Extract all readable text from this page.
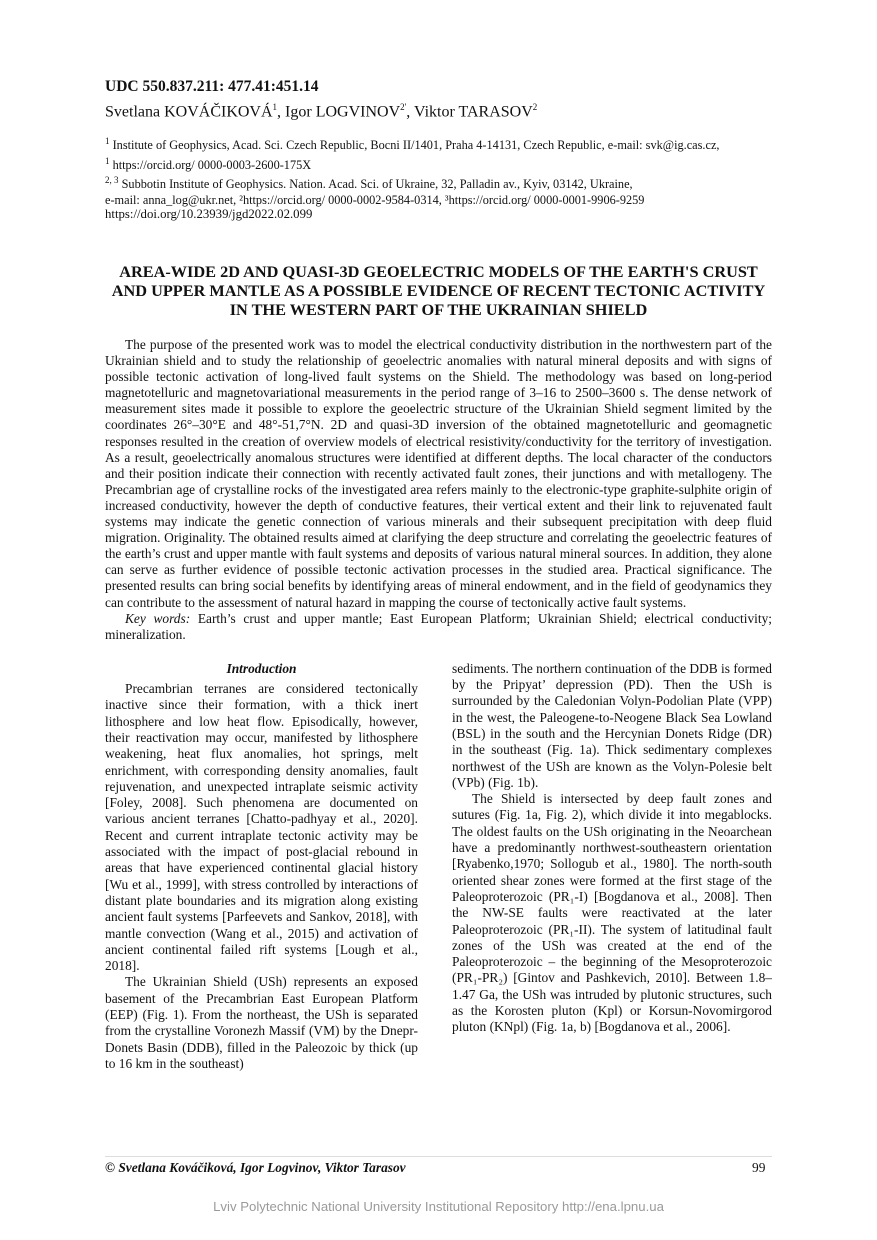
UDC 550.837.211: 477.41:451.14
Svetlana KOVÁČIKOVÁ$^1$, Igor $LOGVINOV^{2'}$, Viktor TARASOV$^2$
$^1$ Institute of Geophysics, Acad. Sci. Czech Republic, Bocni II/1401, Praha 4-14131, Czech Republic, e-mail: svk@ig.cas.cz,
$^1$ https://orcid.org/ 0000-0003-2600-175X
$^{2, 3}$ Subbotin Institute of Geophysics. Nation. Acad. Sci. of Ukraine, 32, Palladin av., Kyiv, 03142, Ukraine,
e-mail: anna_log@ukr.net, ²https://orcid.org/ 0000-0002-9584-0314, ³https://orcid.org/ 0000-0001-9906-9259
https://doi.org/10.23939/jgd2022.02.099
AREA-WIDE 2D AND QUASI-3D GEOELECTRIC MODELS OF THE EARTH'S CRUST AND UPPER MANTLE AS A POSSIBLE EVIDENCE OF RECENT TECTONIC ACTIVITY IN THE WESTERN PART OF THE UKRAINIAN SHIELD

The purpose of the presented work was to model the electrical conductivity distribution in the northwestern part of the Ukrainian shield and to study the relationship of geoelectric anomalies with natural mineral deposits and with signs of possible tectonic activation of long-lived fault systems on the Shield. The methodology was based on long-period magnetotelluric and magnetovariational measurements in the period range of 3–16 to 2500–3600 s. The dense network of measurement sites made it possible to explore the geoelectric structure of the Ukrainian Shield segment limited by the coordinates 26°–30°E and 48°-51,7°N. 2D and quasi-3D inversion of the obtained magnetotelluric and geomagnetic responses resulted in the creation of overview models of electrical resistivity/conductivity for the territory of investigation. As a result, geoelectrically anomalous structures were identified at different depths. The local character of the conductors and their position indicate their connection with recently activated fault zones, their junctions and with metallogeny. The Precambrian age of crystalline rocks of the investigated area refers mainly to the electronic-type graphite-sulphite origin of increased conductivity, however the depth of conductive features, their vertical extent and their link to rejuvenated fault systems may indicate the genetic connection of various minerals and their subsequent precipitation with deep fluid migration. Originality. The obtained results aimed at clarifying the deep structure and correlating the geoelectric features of the earth’s crust and upper mantle with fault systems and deposits of various natural mineral sources. In addition, they alone can serve as further evidence of possible tectonic activation processes in the studied area. Practical significance. The presented results can bring social benefits by identifying areas of mineral endowment, and in the field of geodynamics they can contribute to the assessment of natural hazard in mapping the course of tectonically active fault systems.

Key words: Earth’s crust and upper mantle; East European Platform; Ukrainian Shield; electrical conductivity; mineralization.

Introduction

Precambrian terranes are considered tectonically inactive since their formation, with a thick inert lithosphere and low heat flow. Episodically, however, their reactivation may occur, manifested by lithosphere weakening, heat flux anomalies, hot springs, melt enrichment, with corresponding density anomalies, fault rejuvenation, and unexpected intraplate seismic activity [Foley, 2008]. Such phenomena are documented on various ancient terranes [Chatto-padhyay et al., 2020]. Recent and current intraplate tectonic activity may be associated with the impact of post-glacial rebound in areas that have experienced continental glacial history [Wu et al., 1999], with stress controlled by interactions of distant plate boundaries and its migration along existing ancient fault systems [Parfeevets and Sankov, 2018], with mantle convection (Wang et al., 2015) and activation of ancient continental failed rift systems [Lough et al., 2018].

The Ukrainian Shield (USh) represents an exposed basement of the Precambrian East European Platform (EEP) (Fig. 1). From the northeast, the USh is separated from the crystalline Voronezh Massif (VM) by the Dnepr-Donets Basin (DDB), filled in the Paleozoic by thick (up to 16 km in the southeast)

sediments. The northern continuation of the DDB is formed by the Pripyat’ depression (PD). Then the USh is surrounded by the Caledonian Volyn-Podolian Plate (VPP) in the west, the Paleogene-to-Neogene Black Sea Lowland (BSL) in the south and the Hercynian Donets Ridge (DR) in the southeast (Fig. 1a). Thick sedimentary complexes northwest of the USh are known as the Volyn-Polesie belt (VPb) (Fig. 1b).

The Shield is intersected by deep fault zones and sutures (Fig. 1a, Fig. 2), which divide it into megablocks. The oldest faults on the USh originating in the Neoarchean have a predominantly northwest-southeastern orientation [Ryabenko,1970; Sollogub et al., 1980]. The north-south oriented shear zones were formed at the first stage of the Paleoproterozoic (PR₁-I) [Bogdanova et al., 2008]. Then the NW-SE faults were reactivated at the later Paleoproterozoic (PR₁-II). The system of latitudinal fault zones of the USh was created at the end of the Paleoproterozoic – the beginning of the Mesoproterozoic (PR₁-PR₂) [Gintov and Pashkevich, 2010]. Between 1.8–1.47 Ga, the USh was intruded by plutonic structures, such as the Korosten pluton (Kpl) or Korsun-Novomirgorod pluton (KNpl) (Fig. 1a, b) [Bogdanova et al., 2006].

© Svetlana Kováčiková, Igor Logvinov, Viktor Tarasov	99
Lviv Polytechnic National University Institutional Repository http://ena.lpnu.ua
